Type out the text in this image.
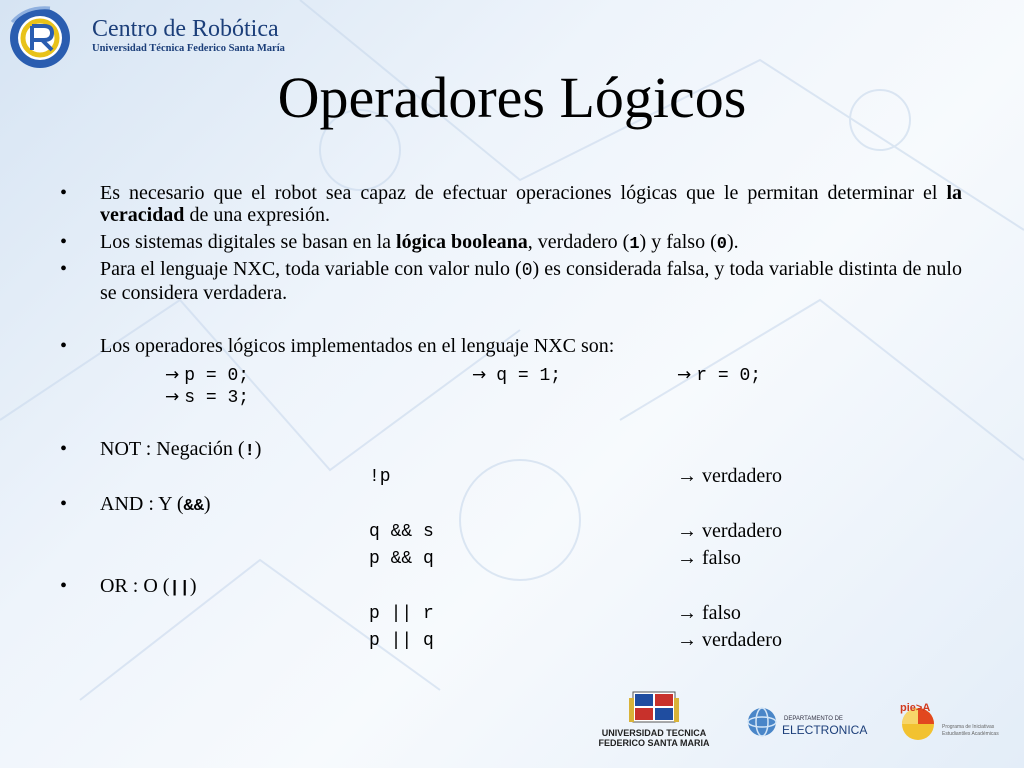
Centro de Robótica
Universidad Técnica Federico Santa María
Operadores Lógicos
• Es necesario que el robot sea capaz de efectuar operaciones lógicas que le permitan determinar el la veracidad de una expresión.
• Los sistemas digitales se basan en la lógica booleana, verdadero (1) y falso (0).
• Para el lenguaje NXC, toda variable con valor nulo (0) es considerada falsa, y toda variable distinta de nulo se considera verdadera.
• Los operadores lógicos implementados en el lenguaje NXC son:
→ p = 0;	→ q = 1;	→ r = 0;
→ s = 3;
• NOT : Negación (!)
!p	→ verdadero
• AND : Y (&&)
q && s	→ verdadero
p && q	→ falso
• OR : O (||)
p || r	→ falso
p || q	→ verdadero
UNIVERSIDAD TECNICA
FEDERICO SANTA MARIA
DEPARTAMENTO DE
ELECTRONICA
pie>A
Programa de Iniciativas
Estudiantiles Académicas
